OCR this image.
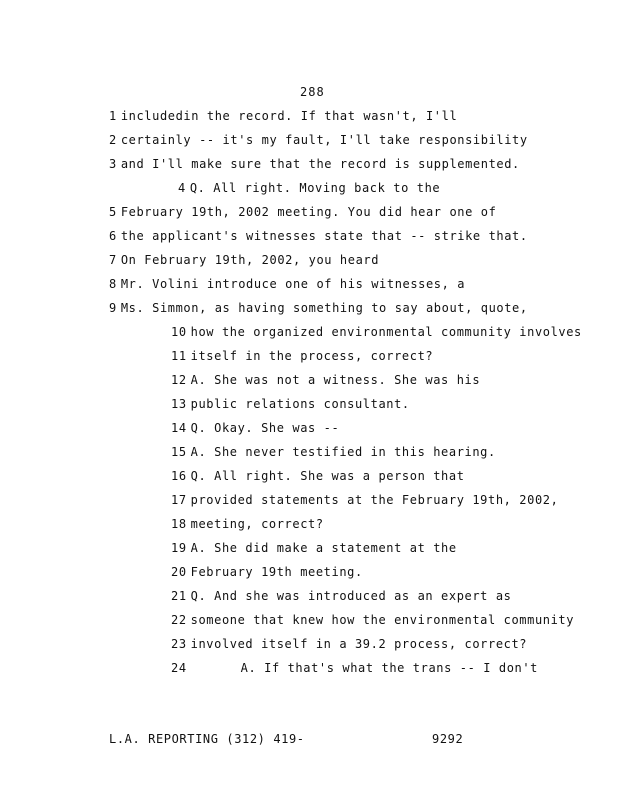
288
1 includedin the record. If that wasn't, I'll
2 certainly -- it's my fault, I'll take responsibility
3 and I'll make sure that the record is supplemented.
4 Q. All right. Moving back to the
5 February 19th, 2002 meeting. You did hear one of
6 the applicant's witnesses state that -- strike that.
7 On February 19th, 2002, you heard
8 Mr. Volini introduce one of his witnesses, a
9 Ms. Simmon, as having something to say about, quote,
10 how the organized environmental community involves
11 itself in the process, correct?
12 A. She was not a witness. She was his
13 public relations consultant.
14 Q. Okay. She was --
15 A. She never testified in this hearing.
16 Q. All right. She was a person that
17 provided statements at the February 19th, 2002,
18 meeting, correct?
19 A. She did make a statement at the
20 February 19th meeting.
21 Q. And she was introduced as an expert as
22 someone that knew how the environmental community
23 involved itself in a 39.2 process, correct?
24	A. If that's what the trans -- I don't
L.A. REPORTING (312) 419-	9292
